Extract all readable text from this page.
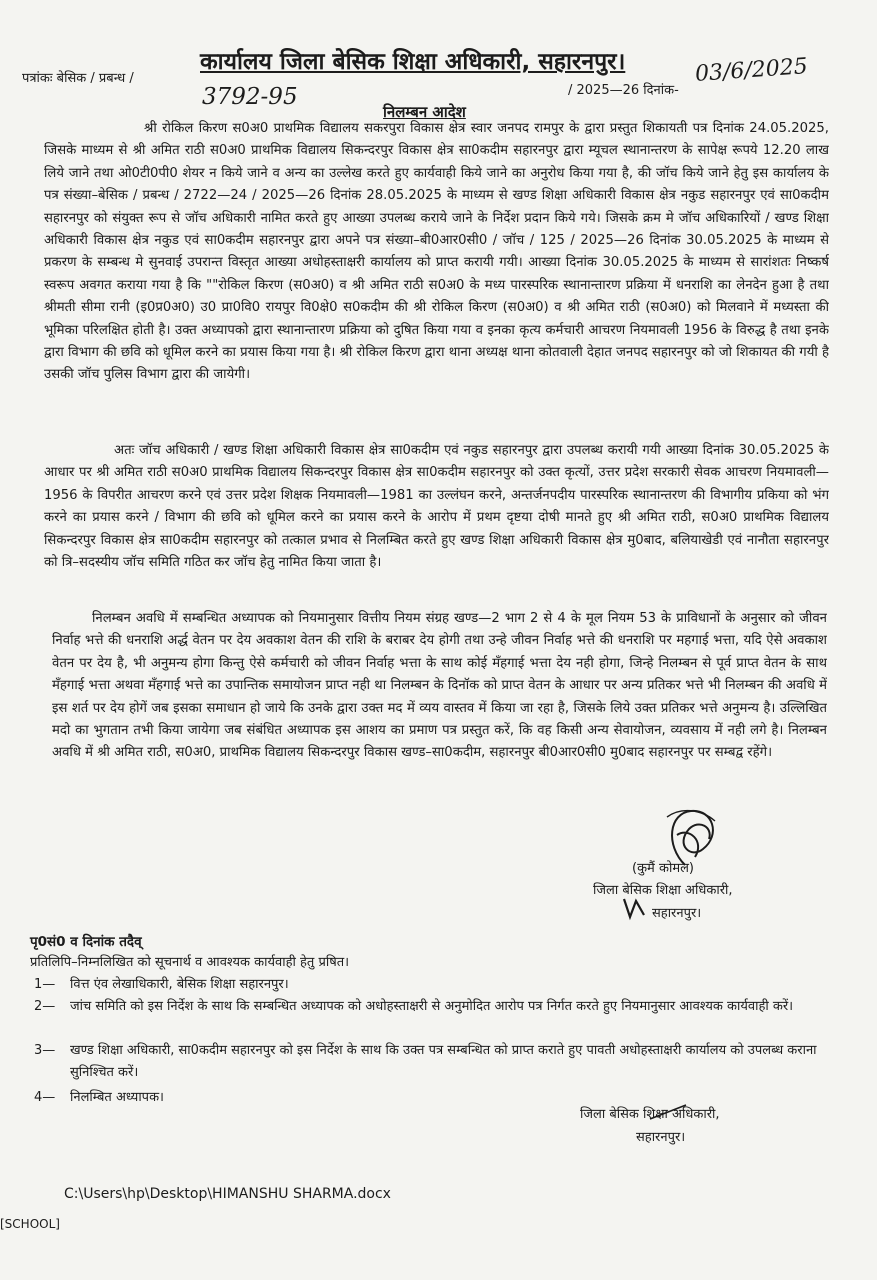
कार्यालय जिला बेसिक शिक्षा अधिकारी, सहारनपुर।
पत्रांकः बेसिक / प्रबन्ध /
3792-95	/ 2025—26 दिनांक-
03/6/2025
निलम्बन आदेश
श्री रोकिल किरण स0अ0 प्राथमिक विद्यालय सकरपुरा विकास क्षेत्र स्वार जनपद रामपुर के द्वारा प्रस्तुत शिकायती पत्र दिनांक 24.05.2025, जिसके माध्यम से श्री अमित राठी स0अ0 प्राथमिक विद्यालय सिकन्दरपुर विकास क्षेत्र सा0कदीम सहारनपुर द्वारा म्यूचल स्थानान्तरण के सापेक्ष रूपये 12.20 लाख लिये जाने तथा ओ0टी0पी0 शेयर न किये जाने व अन्य का उल्लेख करते हुए कार्यवाही किये जाने का अनुरोध किया गया है, की जॉच किये जाने हेतु इस कार्यालय के पत्र संख्या–बेसिक / प्रबन्ध / 2722—24 / 2025—26 दिनांक 28.05.2025 के माध्यम से खण्ड शिक्षा अधिकारी विकास क्षेत्र नकुड सहारनपुर एवं सा0कदीम सहारनपुर को संयुक्त रूप से जॉच अधिकारी नामित करते हुए आख्या उपलब्ध कराये जाने के निर्देश प्रदान किये गये। जिसके क्रम मे जॉच अधिकारियों / खण्ड शिक्षा अधिकारी विकास क्षेत्र नकुड एवं सा0कदीम सहारनपुर द्वारा अपने पत्र संख्या–बी0आर0सी0 / जॉच / 125 / 2025—26 दिनांक 30.05.2025 के माध्यम से प्रकरण के सम्बन्ध मे सुनवाई उपरान्त विस्तृत आख्या अधोहस्ताक्षरी कार्यालय को प्राप्त करायी गयी। आख्या दिनांक 30.05.2025 के माध्यम से सारांशतः निष्कर्ष स्वरूप अवगत कराया गया है कि ""रोकिल किरण (स0अ0) व श्री अमित राठी स0अ0 के मध्य पारस्परिक स्थानान्तारण प्रक्रिया में धनराशि का लेनदेन हुआ है तथा श्रीमती सीमा रानी (इ0प्र0अ0) उ0 प्रा0वि0 रायपुर वि0क्षे0 स0कदीम की श्री रोकिल किरण (स0अ0) व श्री अमित राठी (स0अ0) को मिलवाने में मध्यस्ता की भूमिका परिलक्षित होती है। उक्त अध्यापको द्वारा स्थानान्तारण प्रक्रिया को दुषित किया गया व इनका कृत्य कर्मचारी आचरण नियमावली 1956 के विरुद्ध है तथा इनके द्वारा विभाग की छवि को धूमिल करने का प्रयास किया गया है। श्री रोकिल किरण द्वारा थाना अध्यक्ष थाना कोतवाली देहात जनपद सहारनपुर को जो शिकायत की गयी है उसकी जॉच पुलिस विभाग द्वारा की जायेगी।
अतः जॉच अधिकारी / खण्ड शिक्षा अधिकारी विकास क्षेत्र सा0कदीम एवं नकुड सहारनपुर द्वारा उपलब्ध करायी गयी आख्या दिनांक 30.05.2025 के आधार पर श्री अमित राठी स0अ0 प्राथमिक विद्यालय सिकन्दरपुर विकास क्षेत्र सा0कदीम सहारनपुर को उक्त कृत्यों, उत्तर प्रदेश सरकारी सेवक आचरण नियमावली—1956 के विपरीत आचरण करने एवं उत्तर प्रदेश शिक्षक नियमावली—1981 का उल्लंघन करने, अन्तर्जनपदीय पारस्परिक स्थानान्तरण की विभागीय प्रकिया को भंग करने का प्रयास करने / विभाग की छवि को धूमिल करने का प्रयास करने के आरोप में प्रथम दृष्टया दोषी मानते हुए श्री अमित राठी, स0अ0 प्राथमिक विद्यालय सिकन्दरपुर विकास क्षेत्र सा0कदीम सहारनपुर को तत्काल प्रभाव से निलम्बित करते हुए खण्ड शिक्षा अधिकारी विकास क्षेत्र मु0बाद, बलियाखेडी एवं नानौता सहारनपुर को त्रि–सदस्यीय जॉच समिति गठित कर जॉच हेतु नामित किया जाता है।
निलम्बन अवधि में सम्बन्धित अध्यापक को नियमानुसार वित्तीय नियम संग्रह खण्ड—2 भाग 2 से 4 के मूल नियम 53 के प्राविधानों के अनुसार को जीवन निर्वाह भत्ते की धनराशि अर्द्ध वेतन पर देय अवकाश वेतन की राशि के बराबर देय होगी तथा उन्हे जीवन निर्वाह भत्ते की धनराशि पर महगाई भत्ता, यदि ऐसे अवकाश वेतन पर देय है, भी अनुमन्य होगा किन्तु ऐसे कर्मचारी को जीवन निर्वाह भत्ता के साथ कोई मँहगाई भत्ता देय नही होगा, जिन्हे निलम्बन से पूर्व प्राप्त वेतन के साथ मँहगाई भत्ता अथवा मँहगाई भत्ते का उपान्तिक समायोजन प्राप्त नही था निलम्बन के दिनॉक को प्राप्त वेतन के आधार पर अन्य प्रतिकर भत्ते भी निलम्बन की अवधि में इस शर्त पर देय होगें जब इसका समाधान हो जाये कि उनके द्वारा उक्त मद में व्यय वास्तव में किया जा रहा है, जिसके लिये उक्त प्रतिकर भत्ते अनुमन्य है। उल्लिखित मदो का भुगतान तभी किया जायेगा जब संबंधित अध्यापक इस आशय का प्रमाण पत्र प्रस्तुत करें, कि वह किसी अन्य सेवायोजन, व्यवसाय में नही लगे है। निलम्बन अवधि में श्री अमित राठी, स0अ0, प्राथमिक विद्यालय सिकन्दरपुर विकास खण्ड–सा0कदीम, सहारनपुर बी0आर0सी0 मु0बाद सहारनपुर पर सम्बद्व रहेंगे।
(कुमैं कोमल)
जिला बेसिक शिक्षा अधिकारी,
सहारनपुर।
पृ0सं0 व दिनांक तदैव्
प्रतिलिपि–निम्नलिखित को सूचनार्थ व आवश्यक कार्यवाही हेतु प्रषित।
1— वित्त एंव लेखाधिकारी, बेसिक शिक्षा सहारनपुर।
2— जांच समिति को इस निर्देश के साथ कि सम्बन्धित अध्यापक को अधोहस्ताक्षरी से अनुमोदित आरोप पत्र निर्गत करते हुए नियमानुसार आवश्यक कार्यवाही करें।
3— खण्ड शिक्षा अधिकारी, सा0कदीम सहारनपुर को इस निर्देश के साथ कि उक्त पत्र सम्बन्धित को प्राप्त कराते हुए पावती अधोहस्ताक्षरी कार्यालय को उपलब्ध कराना सुनिश्चित करें।
4— निलम्बित अध्यापक।
जिला बेसिक शिक्षा अधिकारी,
सहारनपुर।
C:\Users\hp\Desktop\HIMANSHU SHARMA.docx
[SCHOOL]
